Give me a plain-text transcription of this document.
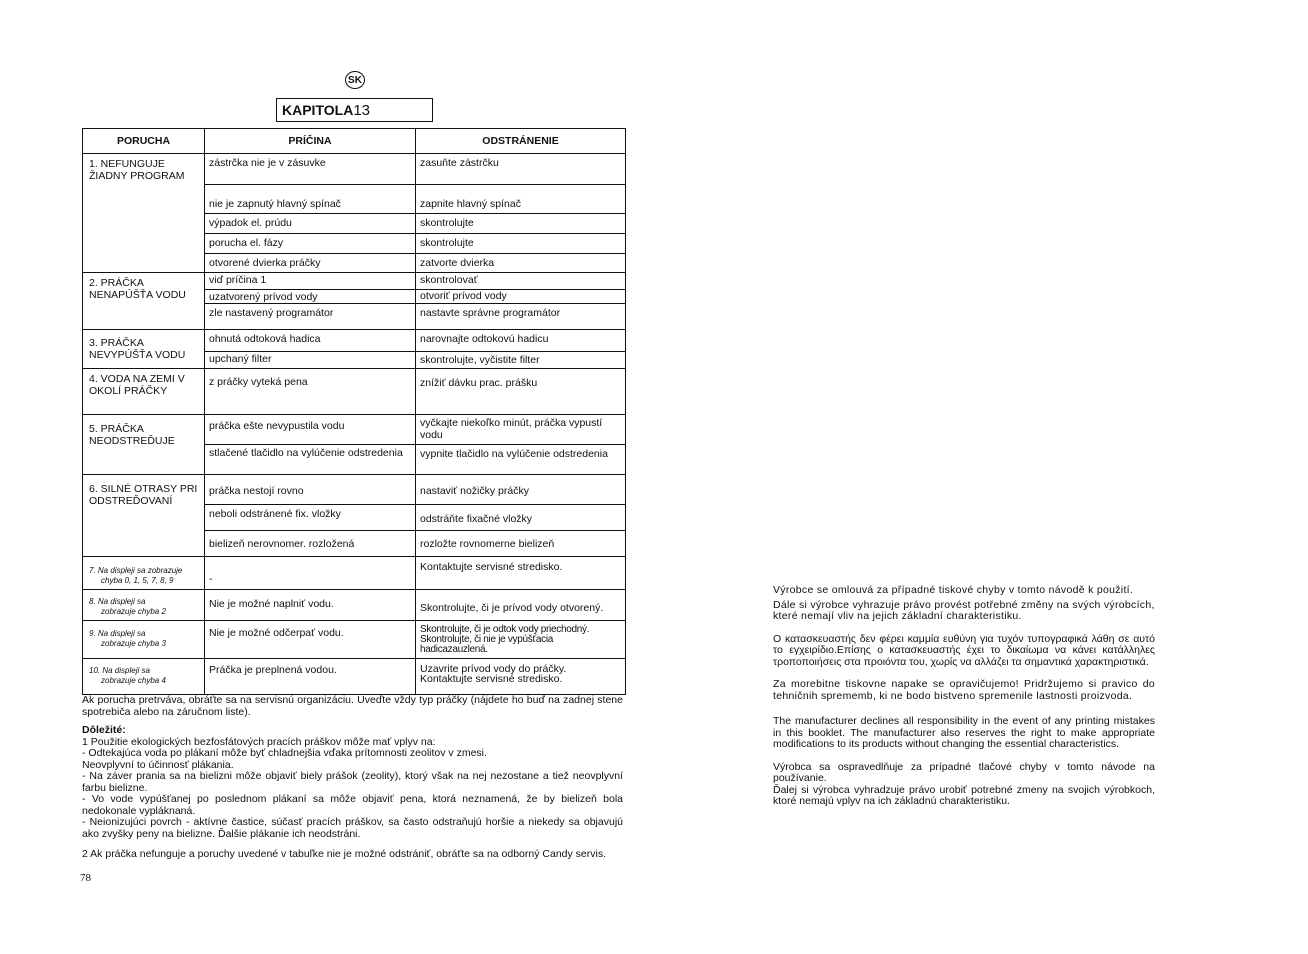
SK
KAPITOLA13
PORUCHA	PRÍČINA	ODSTRÁNENIE
1. NEFUNGUJE ŽIADNY PROGRAM	zástrčka nie je v zásuvke	zasuňte zástrčku
	nie je zapnutý hlavný spínač	zapnite hlavný spínač
	výpadok el. prúdu	skontrolujte
	porucha el. fázy	skontrolujte
	otvorené dvierka práčky	zatvorte dvierka
2. PRÁČKA NENAPÚŠŤA VODU	viď príčina 1	skontrolovať
	uzatvorený prívod vody	otvoriť prívod vody
	zle nastavený programátor	nastavte správne programátor
3. PRÁČKA NEVYPÚŠŤA VODU	ohnutá odtoková hadica	narovnajte odtokovú hadicu
	upchaný filter	skontrolujte, vyčistite filter
4. VODA NA ZEMI V OKOLÍ PRÁČKY	z práčky vyteká pena	znížiť dávku prac. prášku
5. PRÁČKA NEODSTREĎUJE	práčka ešte nevypustila vodu	vyčkajte niekoľko minút, práčka vypustí vodu
	stlačené tlačidlo na vylúčenie odstredenia	vypnite tlačidlo na vylúčenie odstredenia
6. SILNÉ OTRASY PRI ODSTREĎOVANÍ	práčka nestojí rovno	nastaviť nožičky práčky
	neboli odstránené fix. vložky	odstráňte fixačné vložky
	bielizeň nerovnomer. rozložená	rozložte rovnomerne bielizeň
7. Na displeji sa zobrazuje
chyba 0, 1, 5, 7, 8, 9	-	Kontaktujte servisné stredisko.
8. Na displeji sa
zobrazuje chyba 2	Nie je možné naplniť vodu.	Skontrolujte, či je prívod vody otvorený.
9. Na displeji sa
zobrazuje chyba 3	Nie je možné odčerpať vodu.	Skontrolujte, či je odtok vody priechodný. Skontrolujte, či nie je vypúšťacia hadicazauzlená.
10. Na displeji sa
zobrazuje chyba 4	Práčka je preplnená vodou.	Uzavrite prívod vody do práčky. Kontaktujte servisné stredisko.

Ak porucha pretrváva, obráťte sa na servisnú organizáciu. Uveďte vždy typ práčky (nájdete ho buď na zadnej stene spotrebiča alebo na záručnom liste).

Dôležité:

1 Použitie ekologických bezfosfátových pracích práškov môže mať vplyv na:

- Odtekajúca voda po plákaní môže byť chladnejšia vďaka prítomnosti zeolitov v zmesi.

Neovplyvní to účinnosť plákania.

- Na záver prania sa na bielizni môže objaviť biely prášok (zeolity), ktorý však na nej nezostane a tiež neovplyvní farbu bielizne.

- Vo vode vypúšťanej po poslednom plákaní sa môže objaviť pena, ktorá neznamená, že by bielizeň bola nedokonale vypláknaná.

- Neionizujúci povrch - aktívne častice, súčasť pracích práškov, sa často odstraňujú horšie a niekedy sa objavujú ako zvyšky peny na bielizne. Ďalšie plákanie ich neodstráni.

2 Ak práčka nefunguje a poruchy uvedené v tabuľke nie je možné odstrániť, obráťte sa na odborný Candy servis.

78

Výrobce se omlouvá za případné tiskové chyby v tomto návodě k použití.

Dále si výrobce vyhrazuje právo provést potřebné změny na svých výrobcích,

které nemají vliv na jejich základní charakteristiku.

Ο κατασκευαστής δεν φέρει καμμία ευθύνη για τυχόν τυπογραφικά λάθη σε αυτό το εγχειρίδιο.Επίσης ο κατασκευαστής έχει το δικαίωμα να κάνει κατάλληλες τροποποιήσεις στα προιόντα του, χωρίς να αλλάζει τα σημαντικά χαρακτηριστικά.

Za morebitne tiskovne napake se opravičujemo! Pridržujemo si pravico do tehničnih sprememb, ki ne bodo bistveno spremenile lastnosti proizvoda.

The manufacturer declines all responsibility in the event of any printing mistakes in this booklet. The manufacturer also reserves the right to make appropriate modifications to its products without changing the essential characteristics.

Výrobca sa ospravedlňuje za prípadné tlačové chyby v tomto návode na používanie.

Ďalej si výrobca vyhradzuje právo urobiť potrebné zmeny na svojich výrobkoch, ktoré nemajú vplyv na ich základnú charakteristiku.
